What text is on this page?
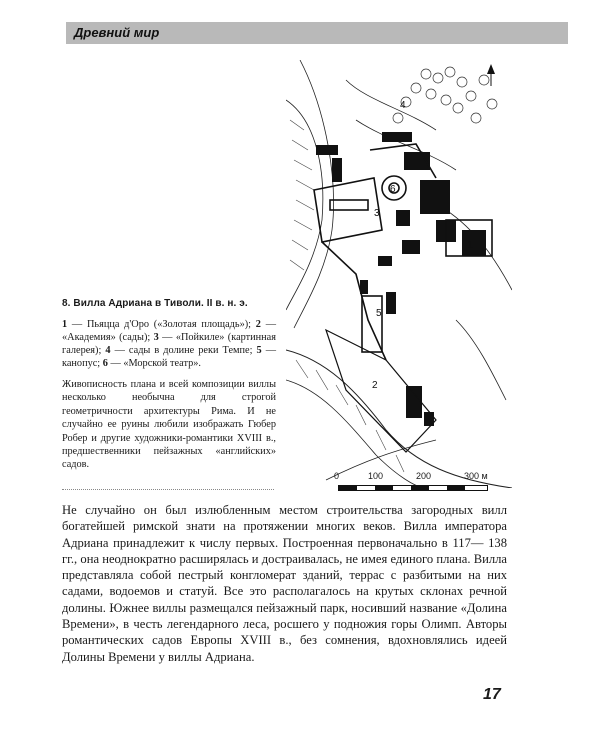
Древний мир
1
2
3
4
5
6
0	100	200	300 м

8. Вилла Адриана в Тиволи. II в. н. э.

1 — Пьяцца д'Оро («Золотая площадь»); 2 — «Академия» (сады); 3 — «Пойкиле» (картинная галерея); 4 — сады в долине реки Темпе; 5 — канопус; 6 — «Морской театр».

Живописность плана и всей композиции виллы несколько необычна для строгой геометричности архитектуры Рима. И не случайно ее руины любили изображать Гюбер Робер и другие художники-романтики XVIII в., предшественники пейзажных «английских» садов.

Не случайно он был излюбленным местом строительства загородных вилл богатейшей римской знати на протяжении многих веков. Вилла императора Адриана принадлежит к числу первых. Построенная первоначально в 117— 138 гг., она неоднократно расширялась и достраивалась, не имея единого плана. Вилла представляла собой пестрый конгломерат зданий, террас с разбитыми на них садами, водоемов и статуй. Все это располагалось на крутых склонах речной долины. Южнее виллы размещался пейзажный парк, носивший название «Долина Времени», в честь легендарного леса, росшего у подножия горы Олимп. Авторы романтических садов Европы XVIII в., без сомнения, вдохновлялись идеей Долины Времени у виллы Адриана.

17
